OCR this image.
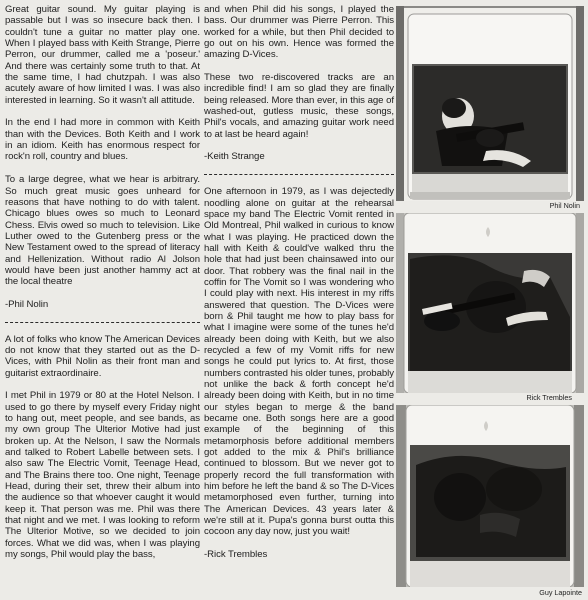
Great guitar sound. My guitar playing is passable but I was so insecure back then. I couldn't tune a guitar no matter play one. When I played bass with Keith Strange, Pierre Perron, our drummer, called me a 'poseur.' And there was certainly some truth to that. At the same time, I had chutzpah. I was also acutely aware of how limited I was. I was also interested in learning. So it wasn't all attitude.

In the end I had more in common with Keith than with the Devices. Both Keith and I work in an idiom. Keith has enormous respect for rock'n roll, country and blues.

To a large degree, what we hear is arbitrary. So much great music goes unheard for reasons that have nothing to do with talent. Chicago blues owes so much to Leonard Chess. Elvis owed so much to television. Like Luther owed to the Gutenberg press or the New Testament owed to the spread of literacy and Hellenization. Without radio Al Jolson would have been just another hammy act at the local theatre

-Phil Nolin

A lot of folks who know The American Devices do not know that they started out as the D-Vices, with Phil Nolin as their front man and guitarist extraordinaire.

I met Phil in 1979 or 80 at the Hotel Nelson. I used to go there by myself every Friday night to hang out, meet people, and see bands, as my own group The Ulterior Motive had just broken up. At the Nelson, I saw the Normals and talked to Robert Labelle between sets. I also saw The Electric Vomit, Teenage Head, and The Brains there too. One night, Teenage Head, during their set, threw their album into the audience so that whoever caught it would keep it. That person was me. Phil was there that night and we met. I was looking to reform The Ulterior Motive, so we decided to join forces. What we did was, when I was playing my songs, Phil would play the bass,

and when Phil did his songs, I played the bass. Our drummer was Pierre Perron. This worked for a while, but then Phil decided to go out on his own. Hence was formed the amazing D-Vices.

These two re-discovered tracks are an incredible find! I am so glad they are finally being released. More than ever, in this age of washed-out, gutless music, these songs, Phil's vocals, and amazing guitar work need to at last be heard again!

-Keith Strange

One afternoon in 1979, as I was dejectedly noodling alone on guitar at the rehearsal space my band The Electric Vomit rented in Old Montreal, Phil walked in curious to know what I was playing. He practiced down the hall with Keith & could've walked thru the hole that had just been chainsawed into our door. That robbery was the final nail in the coffin for The Vomit so I was wondering who I could play with next. His interest in my riffs answered that question. The D-Vices were born & Phil taught me how to play bass for what I imagine were some of the tunes he'd already been doing with Keith, but we also recycled a few of my Vomit riffs for new songs he could put lyrics to. At first, those numbers contrasted his older tunes, probably not unlike the back & forth concept he'd already been doing with Keith, but in no time our styles began to merge & the band became one. Both songs here are a good example of the beginning of this metamorphosis before additional members got added to the mix & Phil's brilliance continued to blossom. But we never got to properly record the full transformation with him before he left the band & so The D-Vices metamorphosed even further, turning into The American Devices. 43 years later & we're still at it. Pupa's gonna burst outta this cocoon any day now, just you wait!

-Rick Trembles

Phil Nolin
Rick Trembles
Guy Lapointe
